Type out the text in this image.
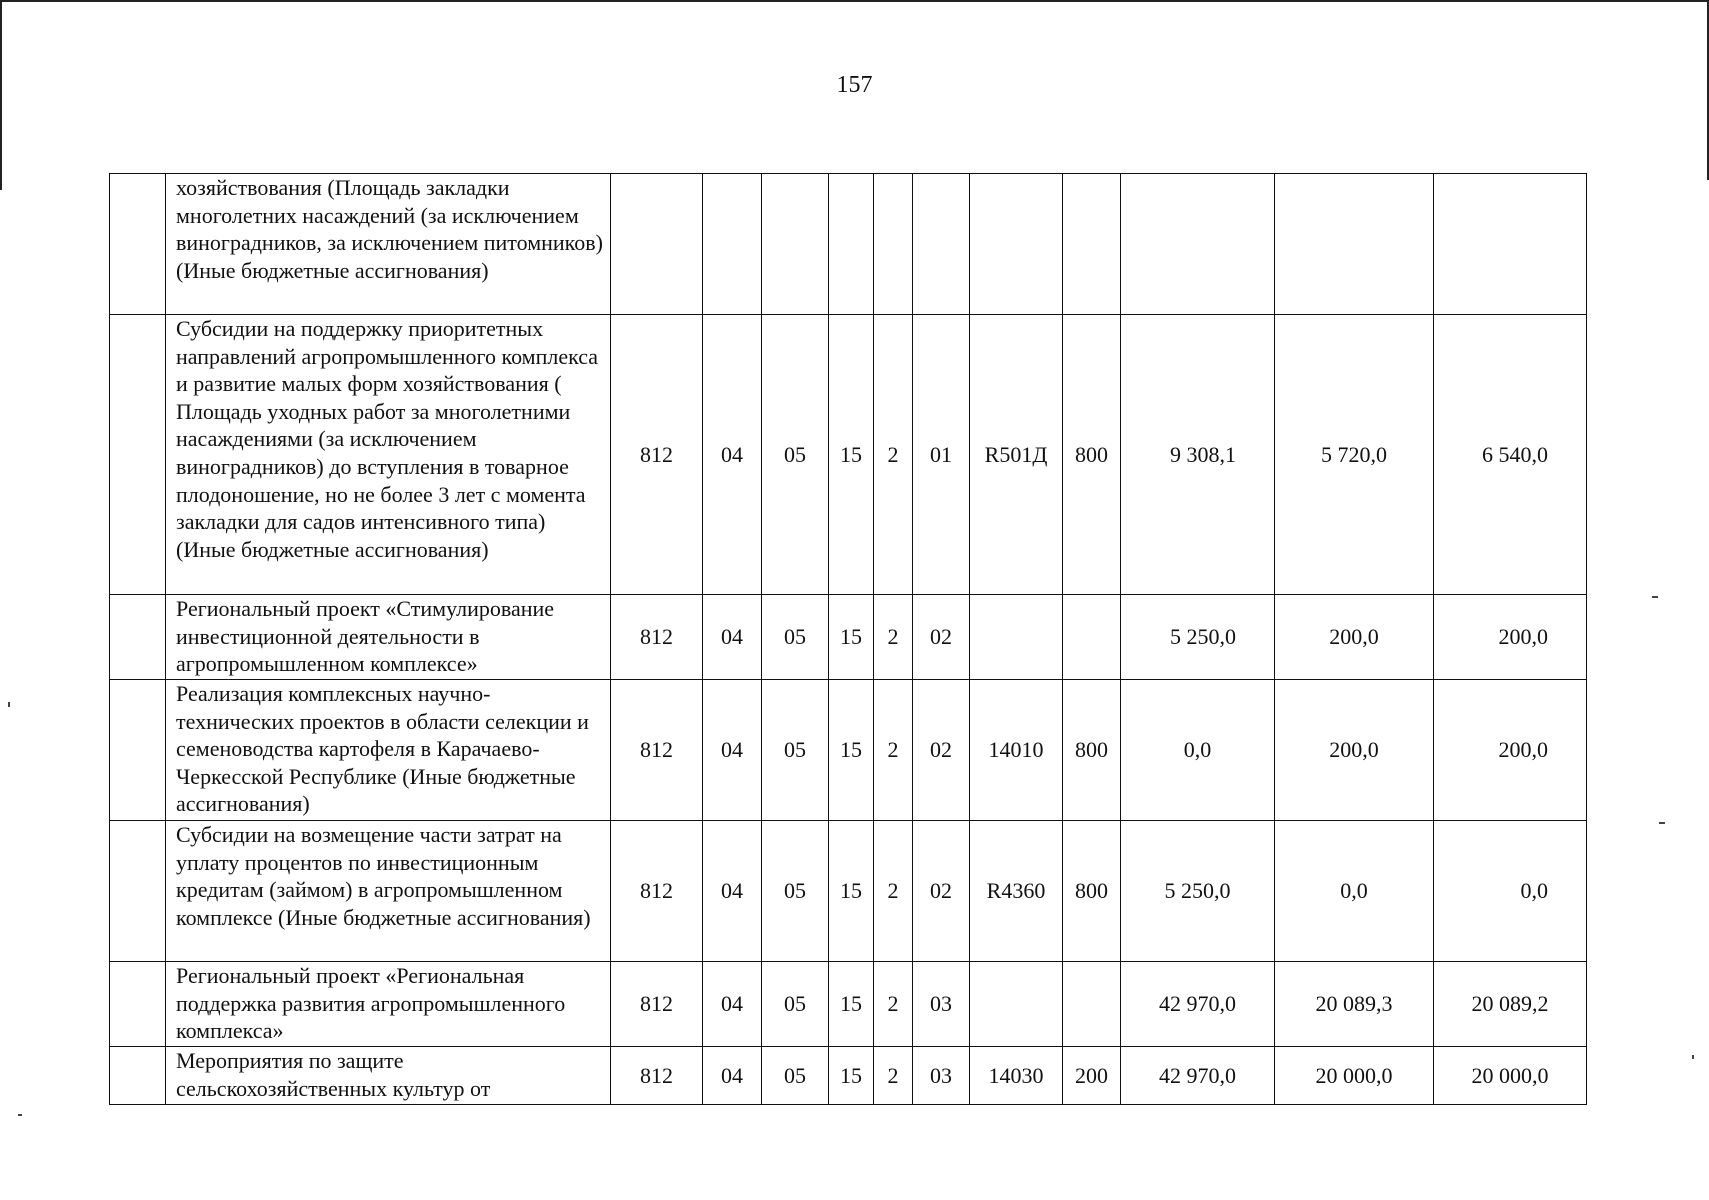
157
	хозяйствования (Площадь закладки многолетних насаждений (за исключением виноградников, за исключением питомников) (Иные бюджетные ассигнования)											
	Субсидии на поддержку приоритетных направлений агропромышленного комплекса и развитие малых форм хозяйствования ( Площадь уходных работ за многолетними насаждениями (за исключением виноградников) до вступления в товарное плодоношение, но не более 3 лет с момента закладки для садов интенсивного типа) (Иные бюджетные ассигнования)	812	04	05	15	2	01	R501Д	800	9 308,1	5 720,0	6 540,0
	Региональный проект «Стимулирование инвестиционной деятельности в агропромышленном комплексе»	812	04	05	15	2	02			5 250,0	200,0	200,0
	Реализация комплексных научно-технических проектов в области селекции и семеноводства картофеля в Карачаево-Черкесской Республике (Иные бюджетные ассигнования)	812	04	05	15	2	02	14010	800	0,0	200,0	200,0
	Субсидии на возмещение части затрат на уплату процентов по инвестиционным кредитам (займом) в агропромышленном комплексе (Иные бюджетные ассигнования)	812	04	05	15	2	02	R4360	800	5 250,0	0,0	0,0
	Региональный проект «Региональная поддержка развития агропромышленного комплекса»	812	04	05	15	2	03			42 970,0	20 089,3	20 089,2
	Мероприятия по защите сельскохозяйственных культур от	812	04	05	15	2	03	14030	200	42 970,0	20 000,0	20 000,0
